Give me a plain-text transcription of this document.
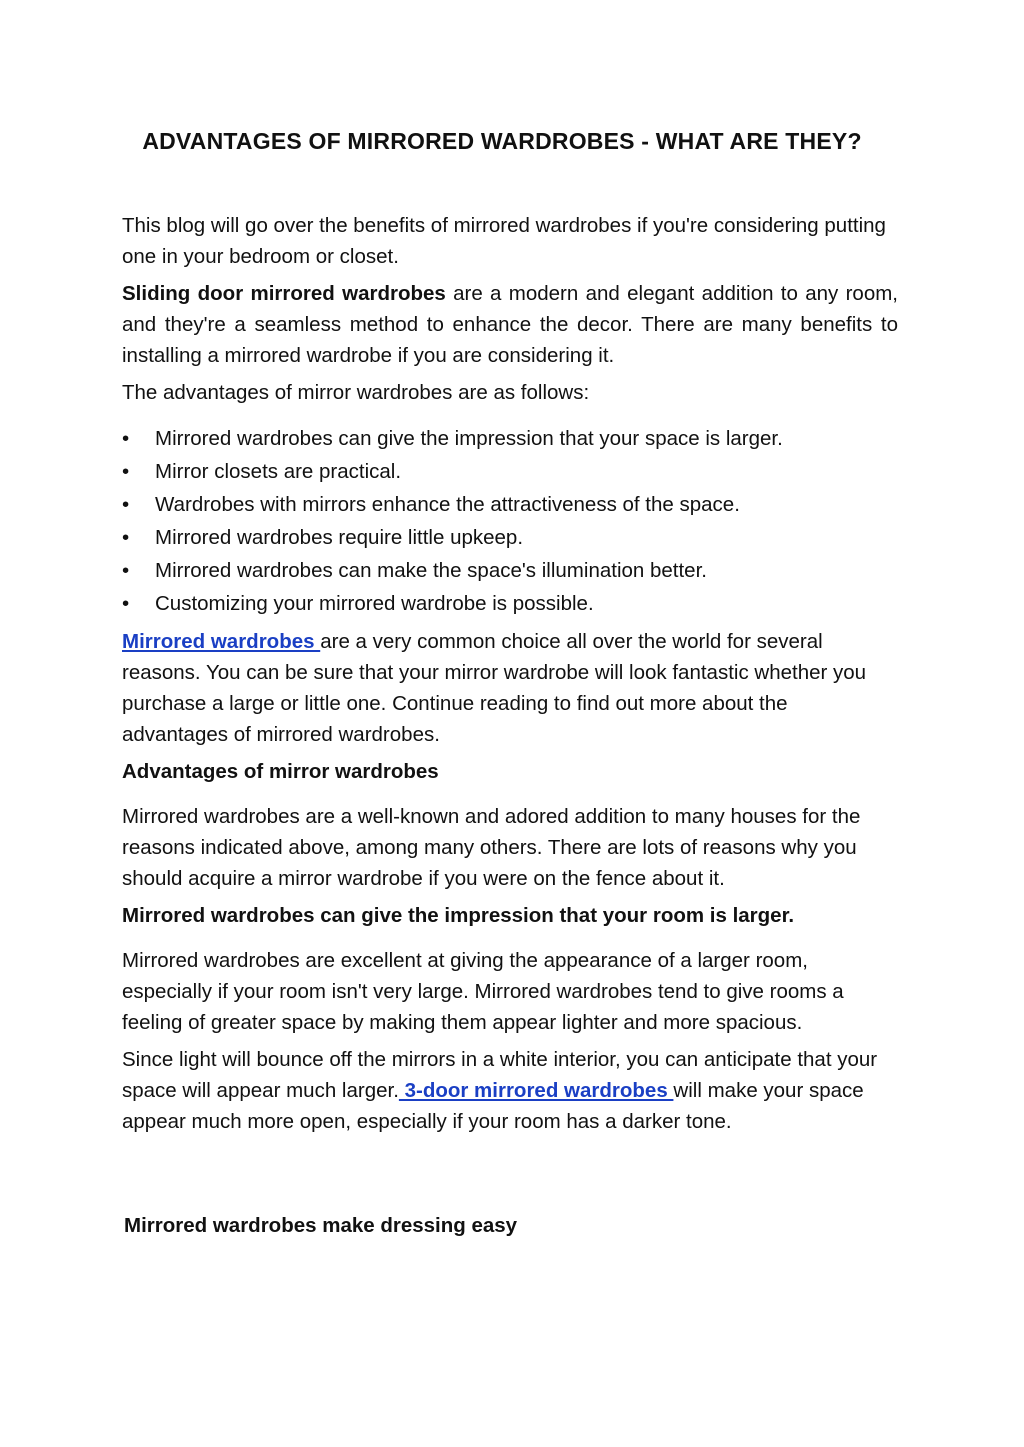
ADVANTAGES OF MIRRORED WARDROBES - WHAT ARE THEY?

This blog will go over the benefits of mirrored wardrobes if you're considering putting one in your bedroom or closet.

Sliding door mirrored wardrobes are a modern and elegant addition to any room, and they're a seamless method to enhance the decor. There are many benefits to installing a mirrored wardrobe if you are considering it.

The advantages of mirror wardrobes are as follows:

• Mirrored wardrobes can give the impression that your space is larger.
• Mirror closets are practical.
• Wardrobes with mirrors enhance the attractiveness of the space.
• Mirrored wardrobes require little upkeep.
• Mirrored wardrobes can make the space's illumination better.
• Customizing your mirrored wardrobe is possible.

Mirrored wardrobes are a very common choice all over the world for several reasons. You can be sure that your mirror wardrobe will look fantastic whether you purchase a large or little one. Continue reading to find out more about the advantages of mirrored wardrobes.

Advantages of mirror wardrobes

Mirrored wardrobes are a well-known and adored addition to many houses for the reasons indicated above, among many others. There are lots of reasons why you should acquire a mirror wardrobe if you were on the fence about it.

Mirrored wardrobes can give the impression that your room is larger.

Mirrored wardrobes are excellent at giving the appearance of a larger room, especially if your room isn't very large. Mirrored wardrobes tend to give rooms a feeling of greater space by making them appear lighter and more spacious.

Since light will bounce off the mirrors in a white interior, you can anticipate that your space will appear much larger. 3-door mirrored wardrobes will make your space appear much more open, especially if your room has a darker tone.

Mirrored wardrobes make dressing easy
